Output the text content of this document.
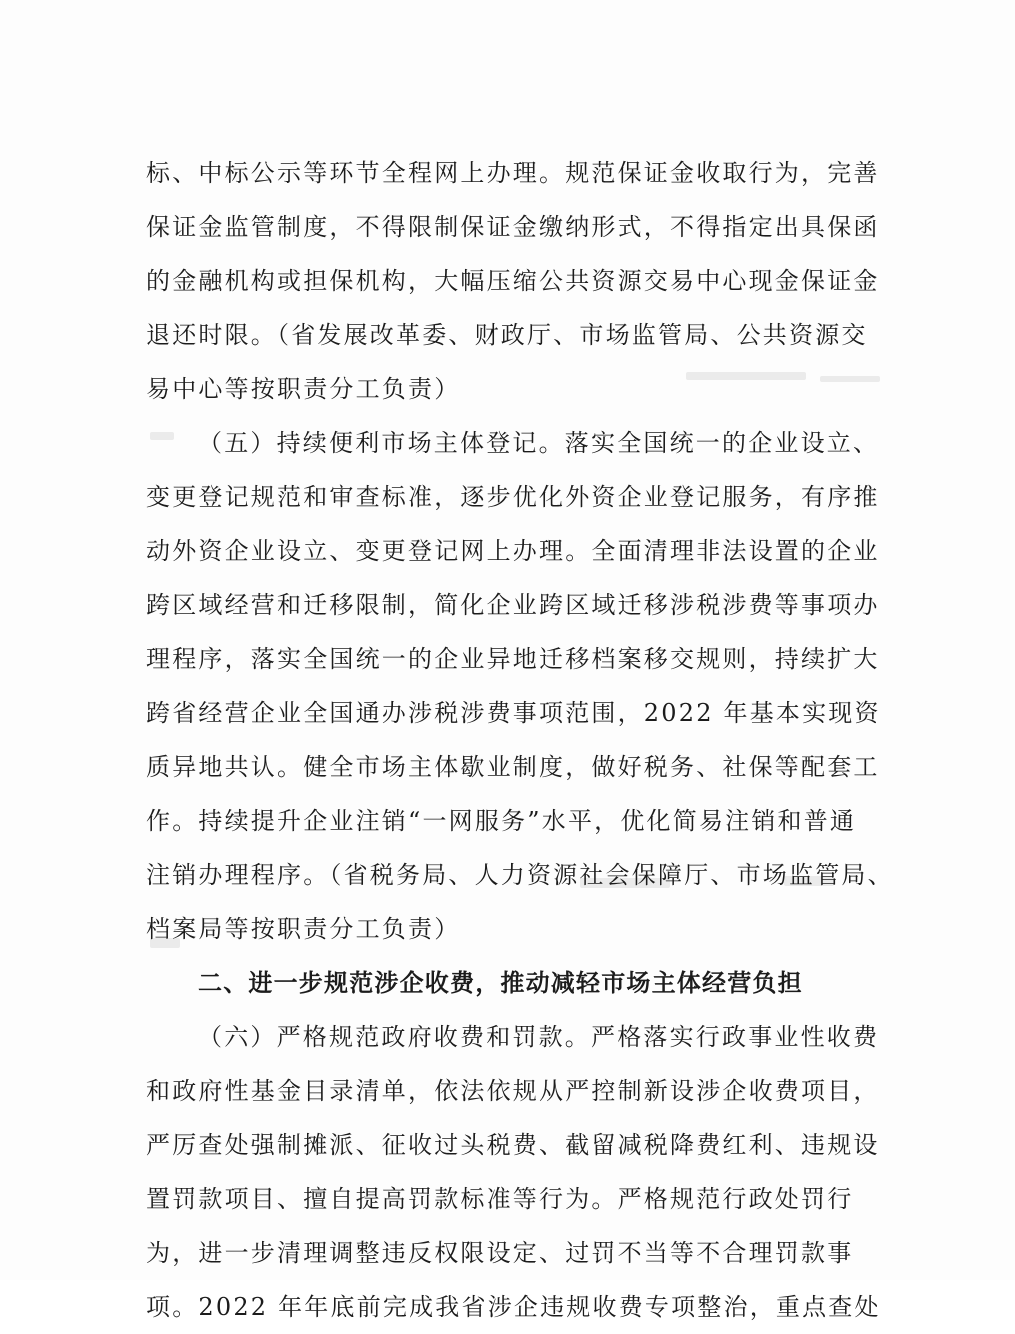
标、中标公示等环节全程网上办理。规范保证金收取行为，完善
保证金监管制度，不得限制保证金缴纳形式，不得指定出具保函
的金融机构或担保机构，大幅压缩公共资源交易中心现金保证金
退还时限。（省发展改革委、财政厅、市场监管局、公共资源交
易中心等按职责分工负责）
（五）持续便利市场主体登记。落实全国统一的企业设立、
变更登记规范和审查标准，逐步优化外资企业登记服务，有序推
动外资企业设立、变更登记网上办理。全面清理非法设置的企业
跨区域经营和迁移限制，简化企业跨区域迁移涉税涉费等事项办
理程序，落实全国统一的企业异地迁移档案移交规则，持续扩大
跨省经营企业全国通办涉税涉费事项范围，2022 年基本实现资
质异地共认。健全市场主体歇业制度，做好税务、社保等配套工
作。持续提升企业注销“一网服务”水平，优化简易注销和普通
注销办理程序。（省税务局、人力资源社会保障厅、市场监管局、
档案局等按职责分工负责）
二、进一步规范涉企收费，推动减轻市场主体经营负担
（六）严格规范政府收费和罚款。严格落实行政事业性收费
和政府性基金目录清单，依法依规从严控制新设涉企收费项目，
严厉查处强制摊派、征收过头税费、截留减税降费红利、违规设
置罚款项目、擅自提高罚款标准等行为。严格规范行政处罚行
为，进一步清理调整违反权限设定、过罚不当等不合理罚款事
项。2022 年年底前完成我省涉企违规收费专项整治，重点查处
